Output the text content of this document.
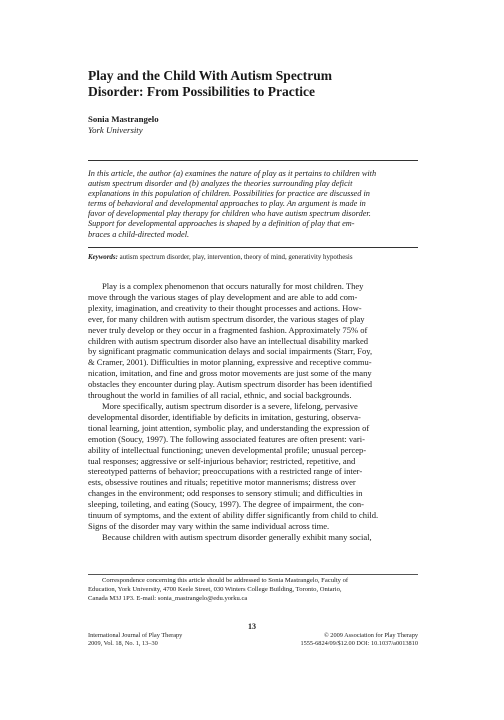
Play and the Child With Autism Spectrum
Disorder: From Possibilities to Practice
Sonia Mastrangelo
York University
In this article, the author (a) examines the nature of play as it pertains to children with
autism spectrum disorder and (b) analyzes the theories surrounding play deficit
explanations in this population of children. Possibilities for practice are discussed in
terms of behavioral and developmental approaches to play. An argument is made in
favor of developmental play therapy for children who have autism spectrum disorder.
Support for developmental approaches is shaped by a definition of play that em-
braces a child-directed model.
Keywords: autism spectrum disorder, play, intervention, theory of mind, generativity hypothesis
Play is a complex phenomenon that occurs naturally for most children. They
move through the various stages of play development and are able to add com-
plexity, imagination, and creativity to their thought processes and actions. How-
ever, for many children with autism spectrum disorder, the various stages of play
never truly develop or they occur in a fragmented fashion. Approximately 75% of
children with autism spectrum disorder also have an intellectual disability marked
by significant pragmatic communication delays and social impairments (Starr, Foy,
& Cramer, 2001). Difficulties in motor planning, expressive and receptive commu-
nication, imitation, and fine and gross motor movements are just some of the many
obstacles they encounter during play. Autism spectrum disorder has been identified
throughout the world in families of all racial, ethnic, and social backgrounds.
More specifically, autism spectrum disorder is a severe, lifelong, pervasive
developmental disorder, identifiable by deficits in imitation, gesturing, observa-
tional learning, joint attention, symbolic play, and understanding the expression of
emotion (Soucy, 1997). The following associated features are often present: vari-
ability of intellectual functioning; uneven developmental profile; unusual percep-
tual responses; aggressive or self-injurious behavior; restricted, repetitive, and
stereotyped patterns of behavior; preoccupations with a restricted range of inter-
ests, obsessive routines and rituals; repetitive motor mannerisms; distress over
changes in the environment; odd responses to sensory stimuli; and difficulties in
sleeping, toileting, and eating (Soucy, 1997). The degree of impairment, the con-
tinuum of symptoms, and the extent of ability differ significantly from child to child.
Signs of the disorder may vary within the same individual across time.
Because children with autism spectrum disorder generally exhibit many social,
Correspondence concerning this article should be addressed to Sonia Mastrangelo, Faculty of
Education, York University, 4700 Keele Street, 030 Winters College Building, Toronto, Ontario,
Canada M3J 1P3. E-mail: sonia_mastrangelo@edu.yorku.ca
13
International Journal of Play Therapy
2009, Vol. 18, No. 1, 13–30
© 2009 Association for Play Therapy
1555-6824/09/$12.00 DOI: 10.1037/a0013810
